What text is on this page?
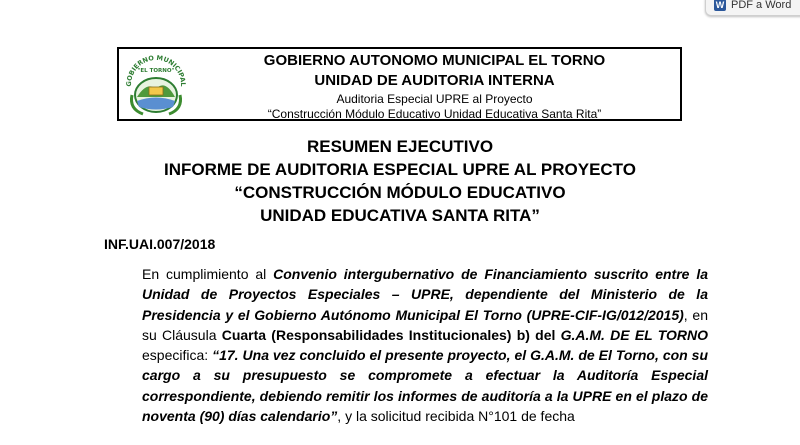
W PDF a Word
GOBIERNO MUNICIPAL
"EL TORNO"
GOBIERNO AUTONOMO MUNICIPAL EL TORNO
UNIDAD DE AUDITORIA INTERNA
Auditoria Especial UPRE al Proyecto
“Construcción Módulo Educativo Unidad Educativa Santa Rita”
RESUMEN EJECUTIVO
INFORME DE AUDITORIA ESPECIAL UPRE AL PROYECTO
“CONSTRUCCIÓN MÓDULO EDUCATIVO
UNIDAD EDUCATIVA SANTA RITA”
INF.UAI.007/2018
En cumplimiento al Convenio intergubernativo de Financiamiento suscrito entre la Unidad de Proyectos Especiales – UPRE, dependiente del Ministerio de la Presidencia y el Gobierno Autónomo Municipal El Torno (UPRE-CIF-IG/012/2015), en su Cláusula Cuarta (Responsabilidades Institucionales) b) del G.A.M. DE EL TORNO especifica: “17. Una vez concluido el presente proyecto, el G.A.M. de El Torno, con su cargo a su presupuesto se compromete a efectuar la Auditoría Especial correspondiente, debiendo remitir los informes de auditoría a la UPRE en el plazo de noventa (90) días calendario”, y la solicitud recibida N°101 de fecha
